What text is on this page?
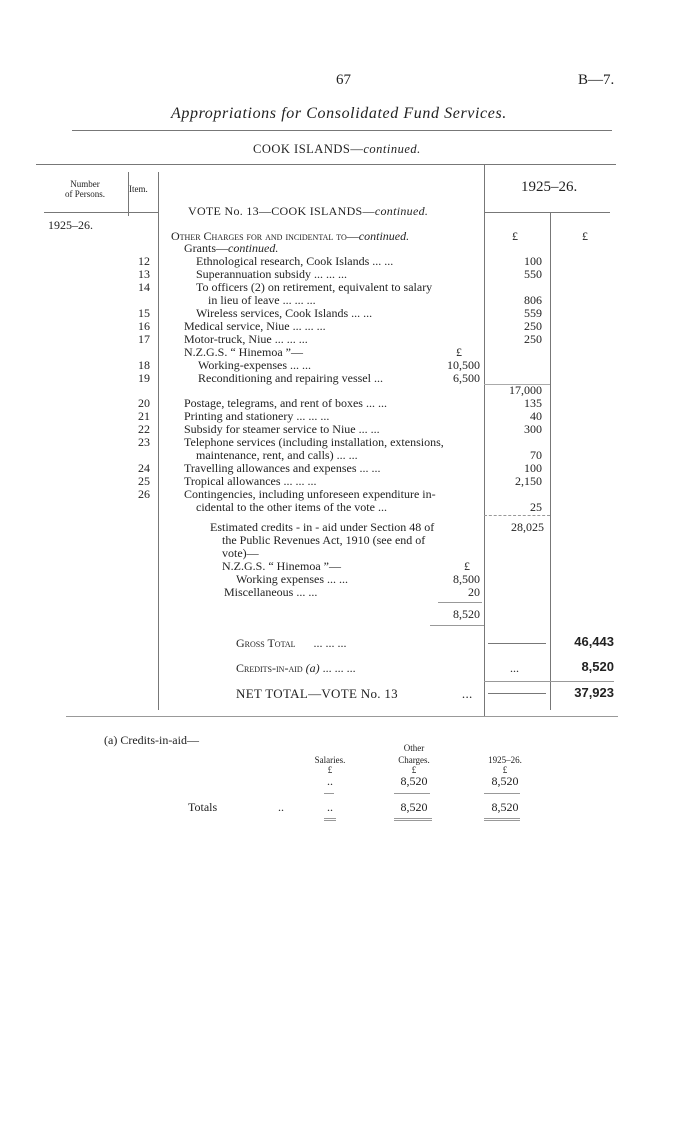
67	B—7.
Appropriations for Consolidated Fund Services.
COOK ISLANDS—continued.
Number
of Persons.	Item.	1925–26.
1925–26.
VOTE No. 13—COOK ISLANDS—continued.
Other Charges for and incidental to—continued.	£	£
Grants—continued.
12	Ethnological research, Cook Islands ... ...	100
13	Superannuation subsidy ... ... ...	550
14	To officers (2) on retirement, equivalent to salary
in lieu of leave ... ... ...	806
15	Wireless services, Cook Islands ... ...	559
16	Medical service, Niue ... ... ...	250
17	Motor-truck, Niue ... ... ...	250
N.Z.G.S. “ Hinemoa ”—	£
18	Working-expenses ... ...	10,500
19	Reconditioning and repairing vessel ...	6,500
17,000
20	Postage, telegrams, and rent of boxes ... ...	135
21	Printing and stationery ... ... ...	40
22	Subsidy for steamer service to Niue ... ...	300
23	Telephone services (including installation, extensions,
maintenance, rent, and calls) ... ...	70
24	Travelling allowances and expenses ... ...	100
25	Tropical allowances ... ... ...	2,150
26	Contingencies, including unforeseen expenditure in-
cidental to the other items of the vote ...	25
Estimated credits - in - aid under Section 48 of	28,025
the Public Revenues Act, 1910 (see end of
vote)—
N.Z.G.S. “ Hinemoa ”—	£
Working expenses ... ...	8,500
Miscellaneous ... ...	20
8,520
Gross Total ... ... ...	46,443
Credits-in-aid (a) ... ... ...	...	8,520
NET TOTAL—VOTE No. 13	...	37,923
(a) Credits-in-aid—
Other
Salaries.	Charges.	1925–26.
£	£	£
..	8,520	8,520
Totals	..	..	8,520	8,520
